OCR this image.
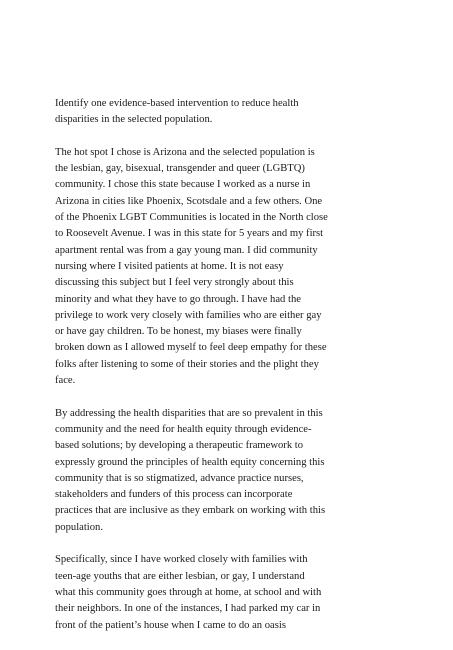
Identify one evidence-based intervention to reduce health
disparities in the selected population.

The hot spot I chose is Arizona and the selected population is
the lesbian, gay, bisexual, transgender and queer (LGBTQ)
community. I chose this state because I worked as a nurse in
Arizona in cities like Phoenix, Scotsdale and a few others. One
of the Phoenix LGBT Communities is located in the North close
to Roosevelt Avenue. I was in this state for 5 years and my first
apartment rental was from a gay young man. I did community
nursing where I visited patients at home. It is not easy
discussing this subject but I feel very strongly about this
minority and what they have to go through. I have had the
privilege to work very closely with families who are either gay
or have gay children. To be honest, my biases were finally
broken down as I allowed myself to feel deep empathy for these
folks after listening to some of their stories and the plight they
face.

By addressing the health disparities that are so prevalent in this
community and the need for health equity through evidence-
based solutions; by developing a therapeutic framework to
expressly ground the principles of health equity concerning this
community that is so stigmatized, advance practice nurses,
stakeholders and funders of this process can incorporate
practices that are inclusive as they embark on working with this
population.

Specifically, since I have worked closely with families with
teen-age youths that are either lesbian, or gay, I understand
what this community goes through at home, at school and with
their neighbors. In one of the instances, I had parked my car in
front of the patient’s house when I came to do an oasis
